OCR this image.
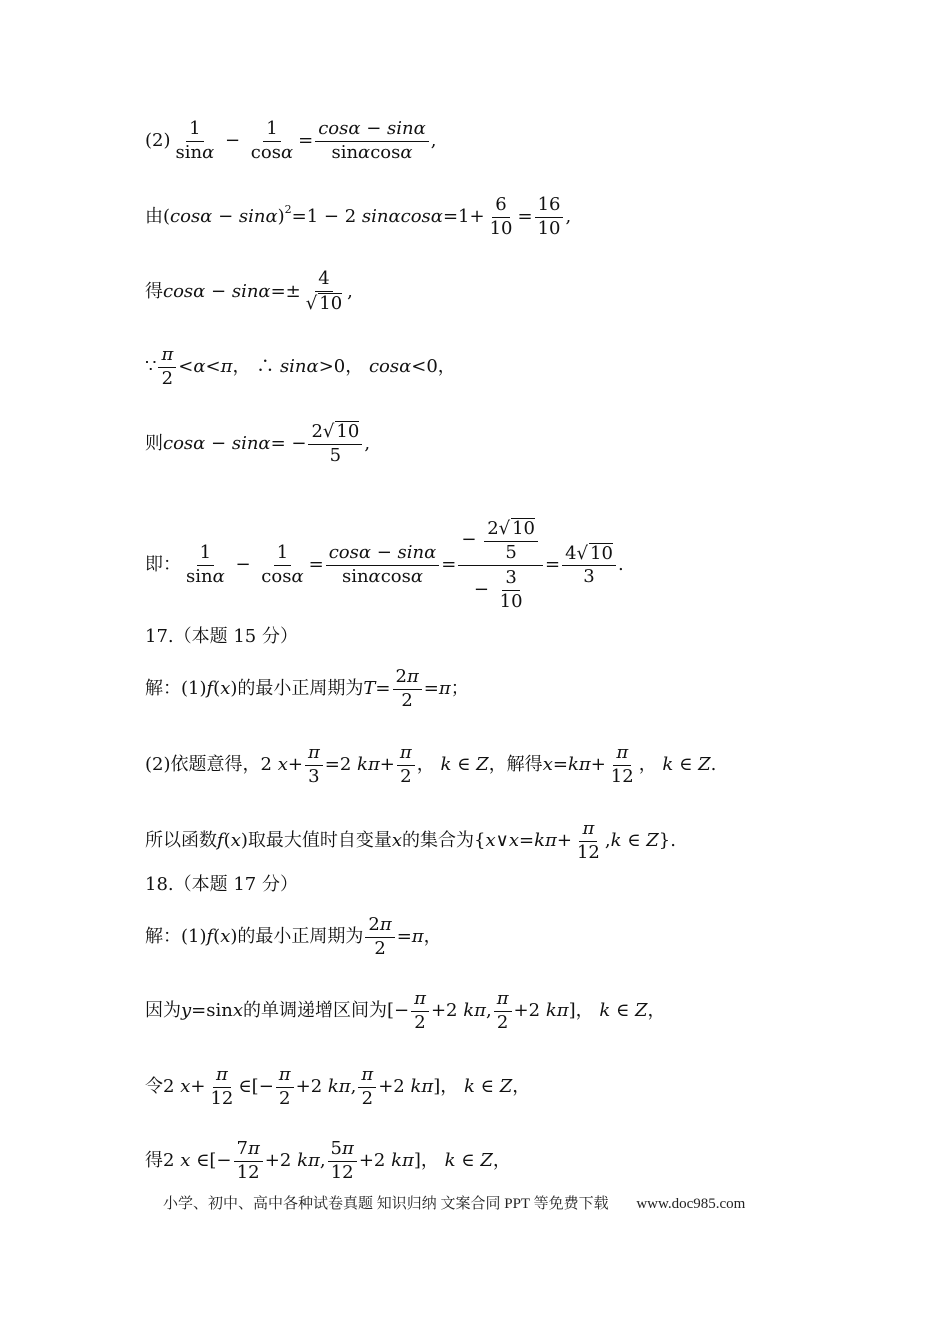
$(2) \frac{1}{\sin\alpha} - \frac{1}{\cos\alpha} = \frac{\cos\alpha - \sin\alpha}{\sin\alpha\cos\alpha}$ ,
由 $(\cos\alpha - \sin\alpha)^2 =1 - 2$ $\sin\alpha\cos\alpha=1+ \frac{6}{10} = \frac{16}{10}$ ,
得 $\cos\alpha - \sin\alpha=\pm \frac{4}{√ 10}$ ,
∵ $\frac{\pi}{2} <\alpha<\pi$， ∴ sinα>0， cosα<0，
则 $\cos\alpha - \sin\alpha= - \frac{2√ 10}{5}$ ,
即： $\frac{1}{\sin\alpha} - \frac{1}{\cos\alpha} = \frac{\cos\alpha - \sin\alpha}{\sin\alpha\cos\alpha} = \frac{- \frac{2√ 10}{5}}{- \frac{3}{10}} = \frac{4√ 10}{3}$ .
17.（本题 15 分）
解：(1) f(x) 的最小正周期为 $T= \frac{2\pi}{2} =\pi$；
(2)依题意得， 2 $x+ \frac{\pi}{3} =2$ $k\pi+ \frac{\pi}{2}$ ， k ∈ Z ，解得 $x=k\pi+ \frac{\pi}{12}$ ， k ∈ Z.
所以函数 f(x) 取最大值时自变量 x 的集合为 {x∨x=kπ+ $\frac{\pi}{12} ,k$ ∈ Z}.
18.（本题 17 分）
解：(1) f(x) 的最小正周期为 $\frac{2\pi}{2} =\pi$，
因为 y=sinx 的单调递增区间为 [− $\frac{\pi}{2} +2$ kπ, $\frac{\pi}{2} +2$ kπ]， k ∈ Z，
令 2 $x+ \frac{\pi}{12}$ ∈[− $\frac{\pi}{2} +2$ kπ, $\frac{\pi}{2} +2$ kπ]， k ∈ Z，
得 2 x ∈[− $\frac{7\pi}{12} +2$ kπ, $\frac{5\pi}{12} +2$ kπ]， k ∈ Z，
小学、初中、高中各种试卷真题 知识归纳 文案合同 PPT 等免费下载 www.doc985.com
